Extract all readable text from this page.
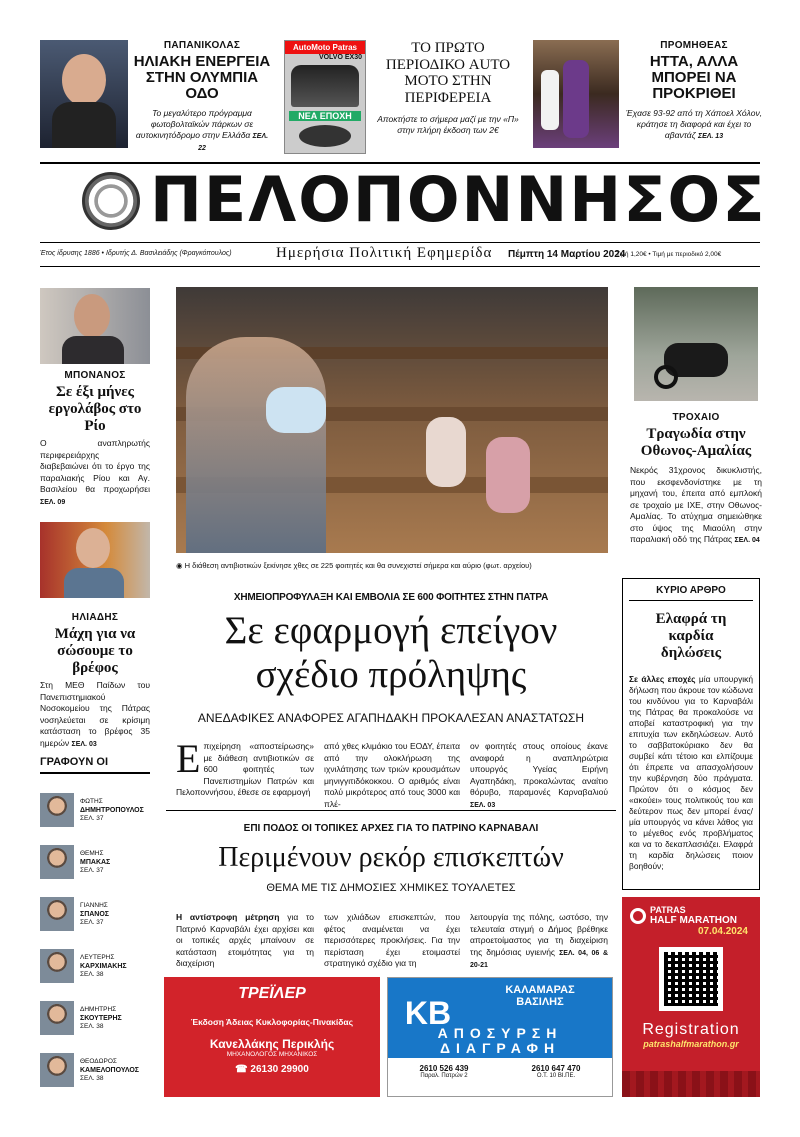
ΠΑΠΑΝΙΚΟΛΑΣ
ΗΛΙΑΚΗ ΕΝΕΡΓΕΙΑ ΣΤΗΝ ΟΛΥΜΠΙΑ ΟΔΟ
Το μεγαλύτερο πρόγραμμα φωτοβολταϊκών πάρκων σε αυτοκινητόδρομο στην Ελλάδα ΣΕΛ. 22
AutoMoto Patras
VOLVO EX30
ΝΕΑ ΕΠΟΧΗ
ΤΟ ΠΡΩΤΟ ΠΕΡΙΟΔΙΚΟ AUTO MOTO ΣΤΗΝ ΠΕΡΙΦΕΡΕΙΑ
Αποκτήστε το σήμερα μαζί με την «Π» στην πλήρη έκδοση των 2€
ΠΡΟΜΗΘΕΑΣ
ΗΤΤΑ, ΑΛΛΑ ΜΠΟΡΕΙ ΝΑ ΠΡΟΚΡΙΘΕΙ
Έχασε 93-92 από τη Χάποελ Χόλον, κράτησε τη διαφορά και έχει το αβαντάζ ΣΕΛ. 13
ΠΕΛΟΠΟΝΝΗΣΟΣ
Έτος ίδρυσης 1886 • Ιδρυτής Δ. Βασιλειάδης (Φραγκόπουλος)	Ημερήσια Πολιτική Εφημερίδα Πέμπτη 14 Μαρτίου 2024
Τιμή 1,20€ • Τιμή με περιοδικό 2,00€
ΜΠΟΝΑΝΟΣ
Σε έξι μήνες εργολάβος στο Ρίο
Ο αναπληρωτής περιφερειάρχης διαβεβαιώνει ότι το έργο της παραλιακής Ρίου και Αγ. Βασιλείου θα προχωρήσει ΣΕΛ. 09
ΗΛΙΑΔΗΣ
Μάχη για να σώσουμε το βρέφος
Στη ΜΕΘ Παίδων του Πανεπιστημιακού Νοσοκομείου της Πάτρας νοσηλεύεται σε κρίσιμη κατάσταση το βρέφος 35 ημερών ΣΕΛ. 03
ΓΡΑΦΟΥΝ ΟΙ
ΦΩΤΗΣ
ΔΗΜΗΤΡΟΠΟΥΛΟΣ
ΣΕΛ. 37
ΘΕΜΗΣ
ΜΠΑΚΑΣ
ΣΕΛ. 37
ΓΙΑΝΝΗΣ
ΣΠΑΝΟΣ
ΣΕΛ. 37
ΛΕΥΤΕΡΗΣ
ΚΑΡΧΙΜΑΚΗΣ
ΣΕΛ. 38
ΔΗΜΗΤΡΗΣ
ΣΚΟΥΤΕΡΗΣ
ΣΕΛ. 38
ΘΕΟΔΩΡΟΣ
ΚΑΜΕΛΟΠΟΥΛΟΣ
ΣΕΛ. 38
◉ Η διάθεση αντιβιοτικών ξεκίνησε χθες σε 225 φοιτητές και θα συνεχιστεί σήμερα και αύριο (φωτ. αρχείου)
ΧΗΜΕΙΟΠΡΟΦΥΛΑΞΗ ΚΑΙ ΕΜΒΟΛΙΑ ΣΕ 600 ΦΟΙΤΗΤΕΣ ΣΤΗΝ ΠΑΤΡΑ
Σε εφαρμογή επείγον σχέδιο πρόληψης
ΑΝΕΔΑΦΙΚΕΣ ΑΝΑΦΟΡΕΣ ΑΓΑΠΗΔΑΚΗ ΠΡΟΚΑΛΕΣΑΝ ΑΝΑΣΤΑΤΩΣΗ
Ε πιχείρηση «αποστείρωσης» με διάθεση αντιβιοτικών σε 600 φοιτητές των Πανεπιστημίων Πατρών και Πελοποννήσου, έθεσε σε εφαρμογή
από χθες κλιμάκιο του ΕΟΔΥ, έπειτα από την ολοκλήρωση της ιχνιλάτησης των τριών κρουσμάτων μηνιγγιτιδόκοκκου. Ο αριθμός είναι πολύ μικρότερος από τους 3000 και πλέ-
ον φοιτητές στους οποίους έκανε αναφορά η αναπληρώτρια υπουργός Υγείας Ειρήνη Αγαπηδάκη, προκαλώντας αναίτιο θόρυβο, παραμονές Καρναβαλιού ΣΕΛ. 03
ΕΠΙ ΠΟΔΟΣ ΟΙ ΤΟΠΙΚΕΣ ΑΡΧΕΣ ΓΙΑ ΤΟ ΠΑΤΡΙΝΟ ΚΑΡΝΑΒΑΛΙ
Περιμένουν ρεκόρ επισκεπτών
ΘΕΜΑ ΜΕ ΤΙΣ ΔΗΜΟΣΙΕΣ ΧΗΜΙΚΕΣ ΤΟΥΑΛΕΤΕΣ
Η αντίστροφη μέτρηση για το Πατρινό Καρναβάλι έχει αρχίσει και οι τοπικές αρχές μπαίνουν σε κατάσταση ετοιμότητας για τη διαχείριση
των χιλιάδων επισκεπτών, που φέτος αναμένεται να έχει περισσότερες προκλήσεις. Για την περίσταση έχει ετοιμαστεί στρατηγικό σχέδιο για τη
λειτουργία της πόλης, ωστόσο, την τελευταία στιγμή ο Δήμος βρέθηκε απροετοίμαστος για τη διαχείριση της δημόσιας υγιεινής ΣΕΛ. 04, 06 & 20-21
ΤΡΟΧΑΙΟ
Τραγωδία στην Οθωνος-Αμαλίας
Νεκρός 31χρονος δικυκλιστής, που εκσφενδονίστηκε με τη μηχανή του, έπειτα από εμπλοκή σε τροχαίο με ΙΧΕ, στην Οθωνος-Αμαλίας. Το ατύχημα σημειώθηκε στο ύψος της Μιαούλη στην παραλιακή οδό της Πάτρας ΣΕΛ. 04
ΚΥΡΙΟ ΑΡΘΡΟ
Ελαφρά τη καρδία δηλώσεις
Σε άλλες εποχές μία υπουργική δήλωση που άκρουε τον κώδωνα του κινδύνου για το Καρναβάλι της Πάτρας θα προκαλούσε να αποβεί καταστροφική για την επιτυχία των εκδηλώσεων. Αυτό το σαββατοκύριακο δεν θα συμβεί κάτι τέτοιο και ελπίζουμε ότι έπρεπε να απασχολήσουν την κυβέρνηση δύο πράγματα. Πρώτον ότι ο κόσμος δεν «ακούει» τους πολιτικούς του και δεύτερον πως δεν μπορεί ένας/μία υπουργός να κάνει λάθος για το μέγεθος ενός προβλήματος και να το δεκαπλασιάζει. Ελαφρά τη καρδία δηλώσεις ποιον βοηθούν;
PATRAS
HALF MARATHON
07.04.2024
Registration
patrashalfmarathon.gr
ΤΡΕΪΛΕΡ
Έκδοση Άδειας Κυκλοφορίας-Πινακίδας
Κανελλάκης Περικλής
ΜΗΧΑΝΟΛΟΓΟΣ ΜΗΧΑΝΙΚΟΣ
☎ 26130 29900
KB
ΚΑΛΑΜΑΡΑΣ
ΒΑΣΙΛΗΣ
ΑΠΟΣΥΡΣΗ
ΔΙΑΓΡΑΦΗ
2610 526 439
Παραλ. Πατρών 2
2610 647 470
Ο.Τ. 10 ΒΙ.ΠΕ.
